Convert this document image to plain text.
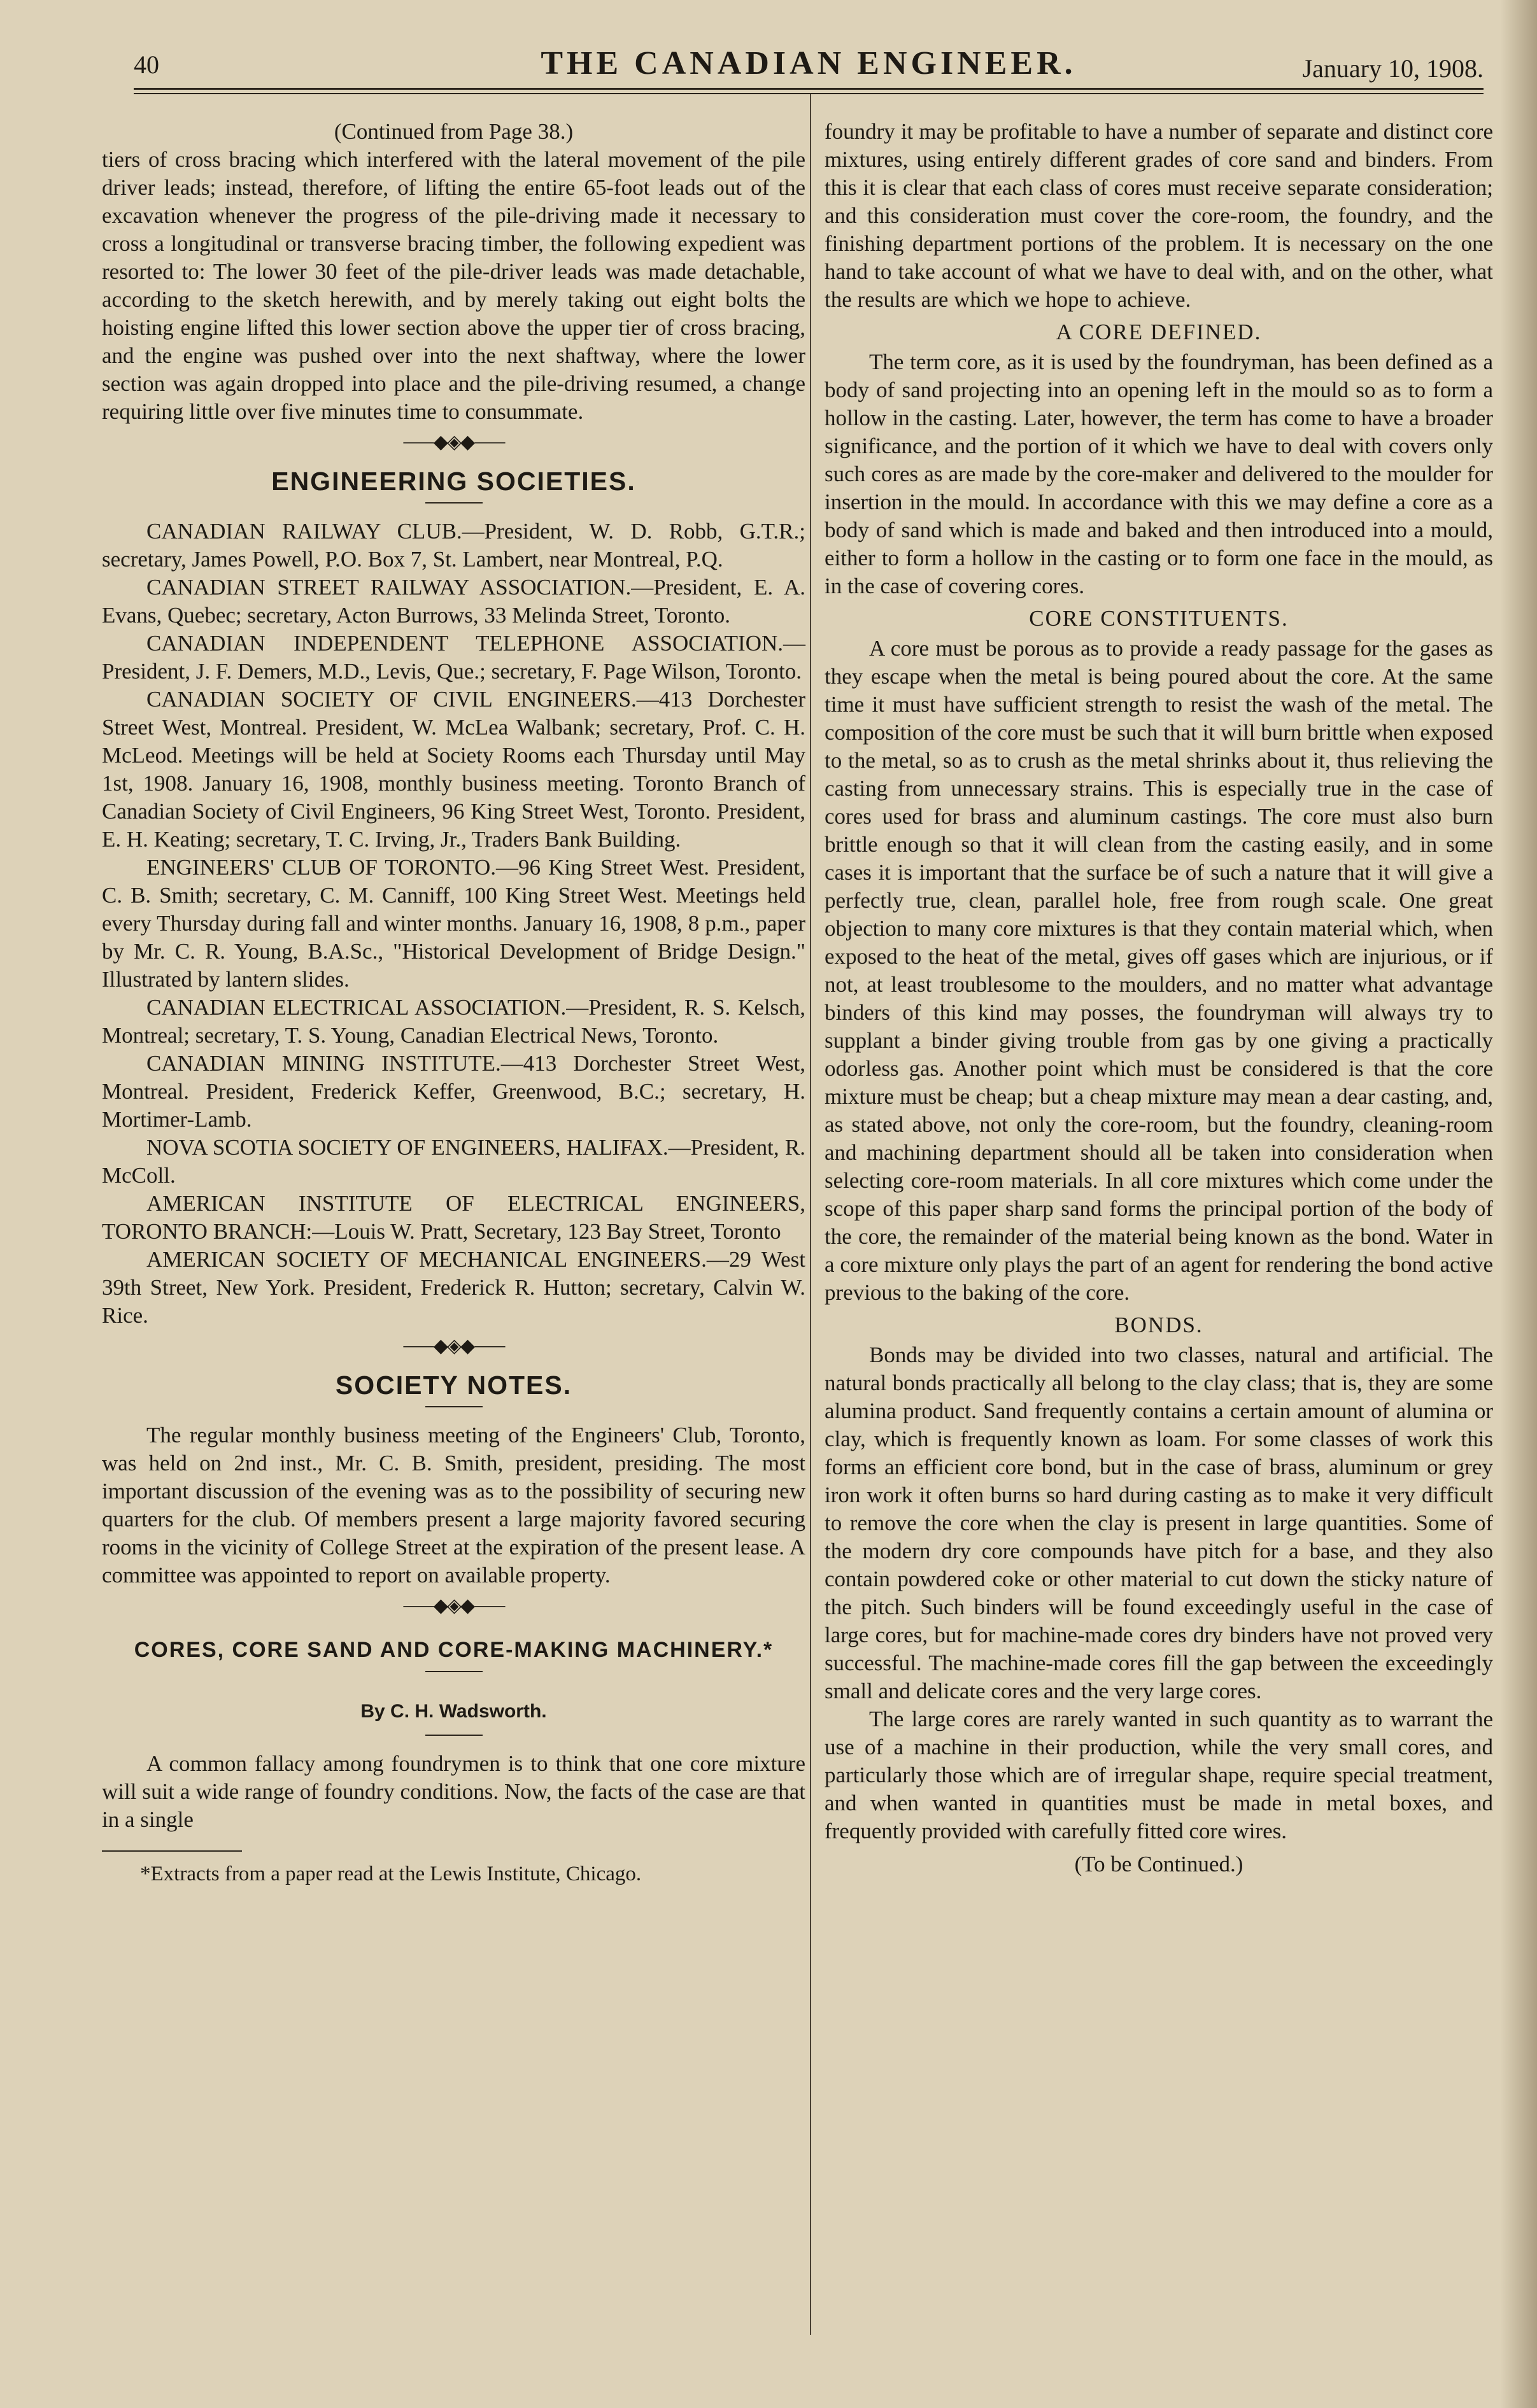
40	THE CANADIAN ENGINEER.	January 10, 1908.

(Continued from Page 38.)

tiers of cross bracing which interfered with the lateral movement of the pile driver leads; instead, therefore, of lifting the entire 65-foot leads out of the excavation whenever the progress of the pile-driving made it necessary to cross a longitudinal or transverse bracing timber, the following expedient was resorted to: The lower 30 feet of the pile-driver leads was made detachable, according to the sketch herewith, and by merely taking out eight bolts the hoisting engine lifted this lower section above the upper tier of cross bracing, and the engine was pushed over into the next shaftway, where the lower section was again dropped into place and the pile-driving resumed, a change requiring little over five minutes time to consummate.

⸺◆◈◆⸺
ENGINEERING SOCIETIES.

CANADIAN RAILWAY CLUB.—President, W. D. Robb, G.T.R.; secretary, James Powell, P.O. Box 7, St. Lambert, near Montreal, P.Q.

CANADIAN STREET RAILWAY ASSOCIATION.—President, E. A. Evans, Quebec; secretary, Acton Burrows, 33 Melinda Street, Toronto.

CANADIAN INDEPENDENT TELEPHONE ASSOCIATION.—President, J. F. Demers, M.D., Levis, Que.; secretary, F. Page Wilson, Toronto.

CANADIAN SOCIETY OF CIVIL ENGINEERS.—413 Dorchester Street West, Montreal. President, W. McLea Walbank; secretary, Prof. C. H. McLeod. Meetings will be held at Society Rooms each Thursday until May 1st, 1908. January 16, 1908, monthly business meeting. Toronto Branch of Canadian Society of Civil Engineers, 96 King Street West, Toronto. President, E. H. Keating; secretary, T. C. Irving, Jr., Traders Bank Building.

ENGINEERS' CLUB OF TORONTO.—96 King Street West. President, C. B. Smith; secretary, C. M. Canniff, 100 King Street West. Meetings held every Thursday during fall and winter months. January 16, 1908, 8 p.m., paper by Mr. C. R. Young, B.A.Sc., "Historical Development of Bridge Design." Illustrated by lantern slides.

CANADIAN ELECTRICAL ASSOCIATION.—President, R. S. Kelsch, Montreal; secretary, T. S. Young, Canadian Electrical News, Toronto.

CANADIAN MINING INSTITUTE.—413 Dorchester Street West, Montreal. President, Frederick Keffer, Greenwood, B.C.; secretary, H. Mortimer-Lamb.

NOVA SCOTIA SOCIETY OF ENGINEERS, HALIFAX.—President, R. McColl.

AMERICAN INSTITUTE OF ELECTRICAL ENGINEERS, TORONTO BRANCH:—Louis W. Pratt, Secretary, 123 Bay Street, Toronto

AMERICAN SOCIETY OF MECHANICAL ENGINEERS.—29 West 39th Street, New York. President, Frederick R. Hutton; secretary, Calvin W. Rice.

⸺◆◈◆⸺
SOCIETY NOTES.

The regular monthly business meeting of the Engineers' Club, Toronto, was held on 2nd inst., Mr. C. B. Smith, president, presiding. The most important discussion of the evening was as to the possibility of securing new quarters for the club. Of members present a large majority favored securing rooms in the vicinity of College Street at the expiration of the present lease. A committee was appointed to report on available property.

⸺◆◈◆⸺
CORES, CORE SAND AND CORE-MAKING MACHINERY.*
By C. H. Wadsworth.

A common fallacy among foundrymen is to think that one core mixture will suit a wide range of foundry conditions. Now, the facts of the case are that in a single

*Extracts from a paper read at the Lewis Institute, Chicago.

foundry it may be profitable to have a number of separate and distinct core mixtures, using entirely different grades of core sand and binders. From this it is clear that each class of cores must receive separate consideration; and this consideration must cover the core-room, the foundry, and the finishing department portions of the problem. It is necessary on the one hand to take account of what we have to deal with, and on the other, what the results are which we hope to achieve.

A CORE DEFINED.

The term core, as it is used by the foundryman, has been defined as a body of sand projecting into an opening left in the mould so as to form a hollow in the casting. Later, however, the term has come to have a broader significance, and the portion of it which we have to deal with covers only such cores as are made by the core-maker and delivered to the moulder for insertion in the mould. In accordance with this we may define a core as a body of sand which is made and baked and then introduced into a mould, either to form a hollow in the casting or to form one face in the mould, as in the case of covering cores.

CORE CONSTITUENTS.

A core must be porous as to provide a ready passage for the gases as they escape when the metal is being poured about the core. At the same time it must have sufficient strength to resist the wash of the metal. The composition of the core must be such that it will burn brittle when exposed to the metal, so as to crush as the metal shrinks about it, thus relieving the casting from unnecessary strains. This is especially true in the case of cores used for brass and aluminum castings. The core must also burn brittle enough so that it will clean from the casting easily, and in some cases it is important that the surface be of such a nature that it will give a perfectly true, clean, parallel hole, free from rough scale. One great objection to many core mixtures is that they contain material which, when exposed to the heat of the metal, gives off gases which are injurious, or if not, at least troublesome to the moulders, and no matter what advantage binders of this kind may posses, the foundryman will always try to supplant a binder giving trouble from gas by one giving a practically odorless gas. Another point which must be considered is that the core mixture must be cheap; but a cheap mixture may mean a dear casting, and, as stated above, not only the core-room, but the foundry, cleaning-room and machining department should all be taken into consideration when selecting core-room materials. In all core mixtures which come under the scope of this paper sharp sand forms the principal portion of the body of the core, the remainder of the material being known as the bond. Water in a core mixture only plays the part of an agent for rendering the bond active previous to the baking of the core.

BONDS.

Bonds may be divided into two classes, natural and artificial. The natural bonds practically all belong to the clay class; that is, they are some alumina product. Sand frequently contains a certain amount of alumina or clay, which is frequently known as loam. For some classes of work this forms an efficient core bond, but in the case of brass, aluminum or grey iron work it often burns so hard during casting as to make it very difficult to remove the core when the clay is present in large quantities. Some of the modern dry core compounds have pitch for a base, and they also contain powdered coke or other material to cut down the sticky nature of the pitch. Such binders will be found exceedingly useful in the case of large cores, but for machine-made cores dry binders have not proved very successful. The machine-made cores fill the gap between the exceedingly small and delicate cores and the very large cores.

The large cores are rarely wanted in such quantity as to warrant the use of a machine in their production, while the very small cores, and particularly those which are of irregular shape, require special treatment, and when wanted in quantities must be made in metal boxes, and frequently provided with carefully fitted core wires.

(To be Continued.)
